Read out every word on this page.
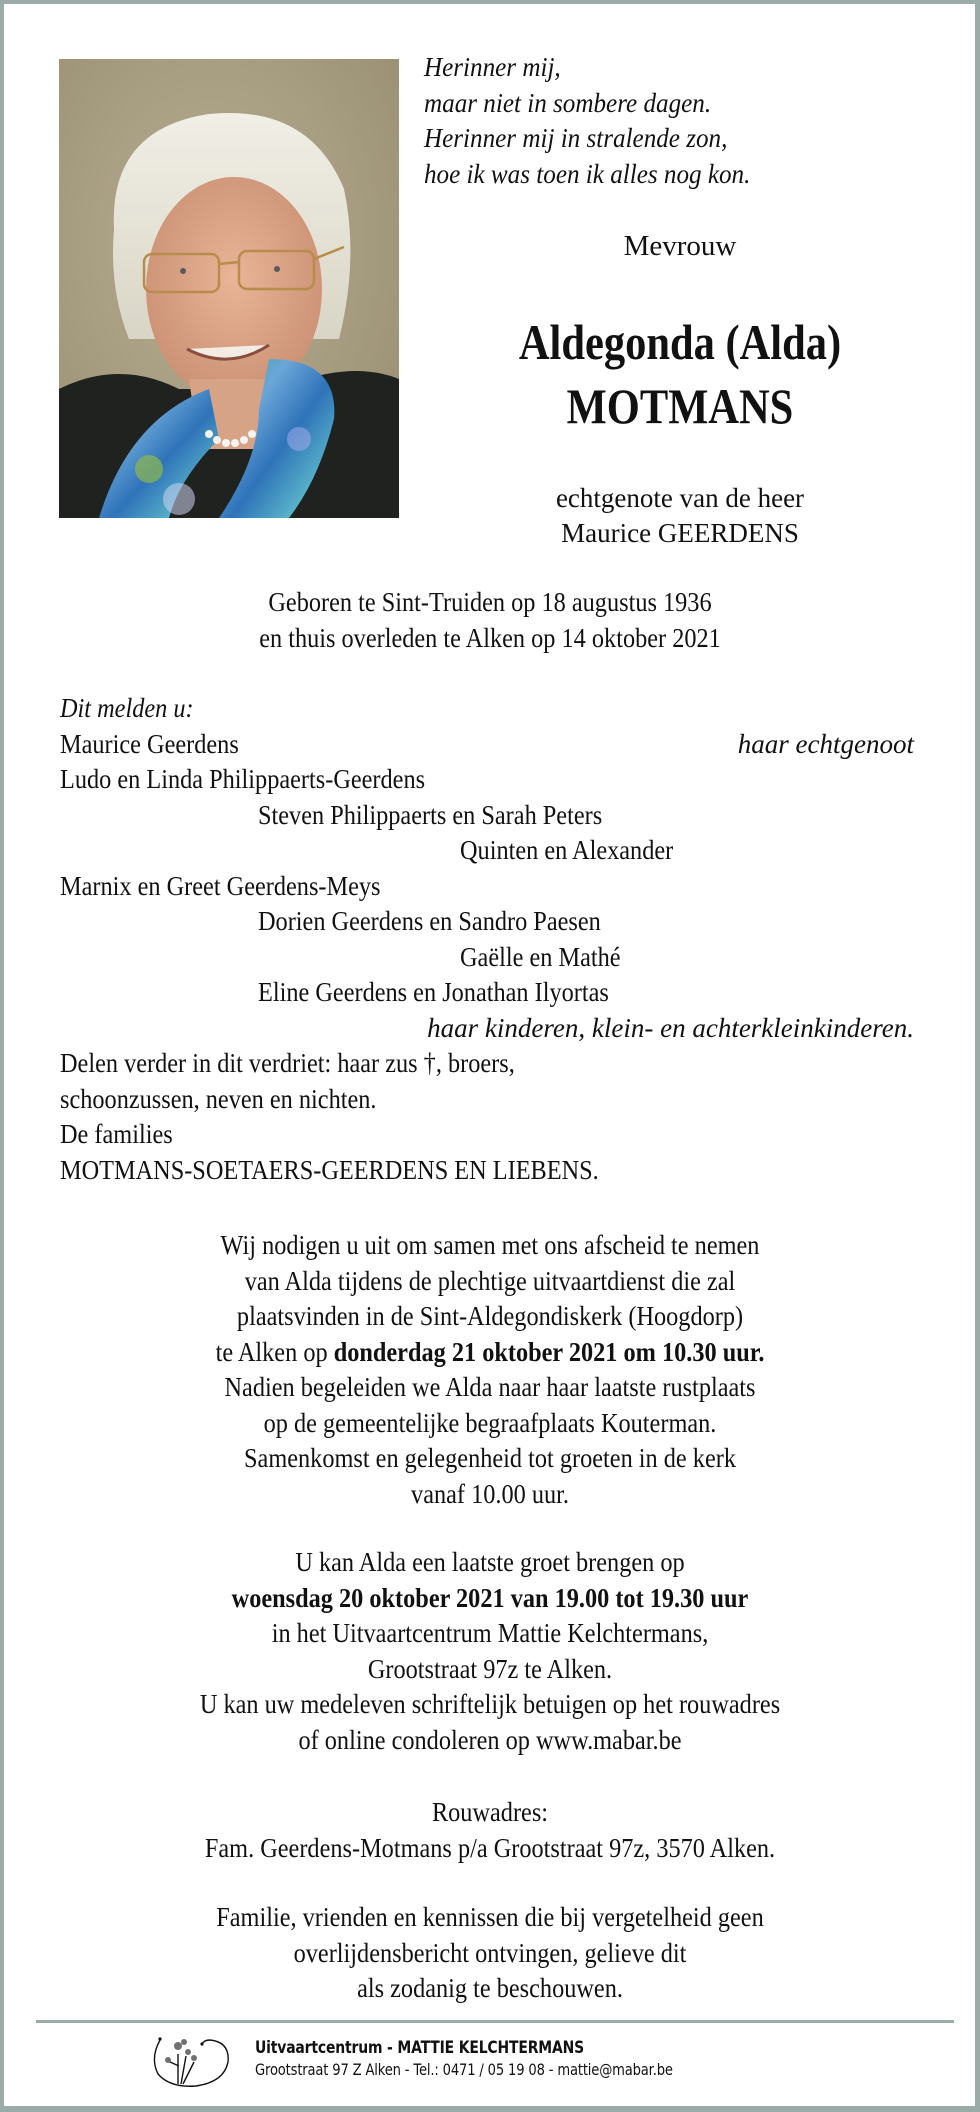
Herinner mij,
maar niet in sombere dagen.
Herinner mij in stralende zon,
hoe ik was toen ik alles nog kon.
Mevrouw
Aldegonda (Alda)
MOTMANS
echtgenote van de heer
Maurice GEERDENS
Geboren te Sint-Truiden op 18 augustus 1936
en thuis overleden te Alken op 14 oktober 2021
Dit melden u:
Maurice Geerdens	haar echtgenoot
Ludo en Linda Philippaerts-Geerdens
Steven Philippaerts en Sarah Peters
Quinten en Alexander
Marnix en Greet Geerdens-Meys
Dorien Geerdens en Sandro Paesen
Gaëlle en Mathé
Eline Geerdens en Jonathan Ilyortas
haar kinderen, klein- en achterkleinkinderen.
Delen verder in dit verdriet: haar zus †, broers,
schoonzussen, neven en nichten.
De families
MOTMANS-SOETAERS-GEERDENS EN LIEBENS.
Wij nodigen u uit om samen met ons afscheid te nemen
van Alda tijdens de plechtige uitvaartdienst die zal
plaatsvinden in de Sint-Aldegondiskerk (Hoogdorp)
te Alken op donderdag 21 oktober 2021 om 10.30 uur.
Nadien begeleiden we Alda naar haar laatste rustplaats
op de gemeentelijke begraafplaats Kouterman.
Samenkomst en gelegenheid tot groeten in de kerk
vanaf 10.00 uur.
U kan Alda een laatste groet brengen op
woensdag 20 oktober 2021 van 19.00 tot 19.30 uur
in het Uitvaartcentrum Mattie Kelchtermans,
Grootstraat 97z te Alken.
U kan uw medeleven schriftelijk betuigen op het rouwadres
of online condoleren op www.mabar.be
Rouwadres:
Fam. Geerdens-Motmans p/a Grootstraat 97z, 3570 Alken.
Familie, vrienden en kennissen die bij vergetelheid geen
overlijdensbericht ontvingen, gelieve dit
als zodanig te beschouwen.
Uitvaartcentrum - MATTIE KELCHTERMANS
Grootstraat 97 Z Alken - Tel.: 0471 / 05 19 08 - mattie@mabar.be
